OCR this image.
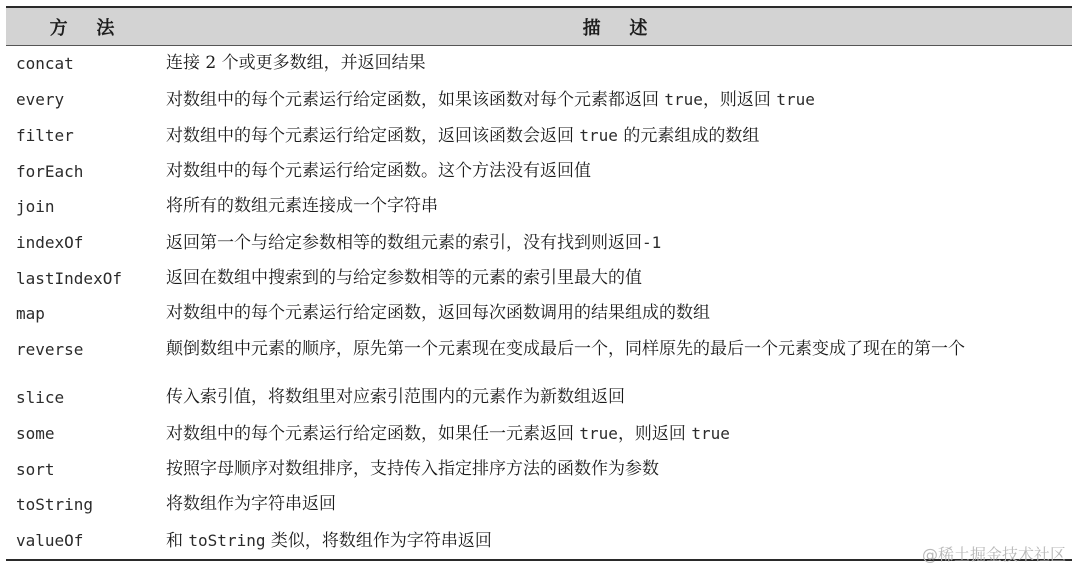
方法	描述
concat	连接 2 个或更多数组，并返回结果
every	对数组中的每个元素运行给定函数，如果该函数对每个元素都返回 true，则返回 true
filter	对数组中的每个元素运行给定函数，返回该函数会返回 true 的元素组成的数组
forEach	对数组中的每个元素运行给定函数。这个方法没有返回值
join	将所有的数组元素连接成一个字符串
indexOf	返回第一个与给定参数相等的数组元素的索引，没有找到则返回-1
lastIndexOf	返回在数组中搜索到的与给定参数相等的元素的索引里最大的值
map	对数组中的每个元素运行给定函数，返回每次函数调用的结果组成的数组
reverse	颠倒数组中元素的顺序，原先第一个元素现在变成最后一个，同样原先的最后一个元素变成了现在的第一个
slice	传入索引值，将数组里对应索引范围内的元素作为新数组返回
some	对数组中的每个元素运行给定函数，如果任一元素返回 true，则返回 true
sort	按照字母顺序对数组排序，支持传入指定排序方法的函数作为参数
toString	将数组作为字符串返回
valueOf	和 toString 类似，将数组作为字符串返回
@稀土掘金技术社区
